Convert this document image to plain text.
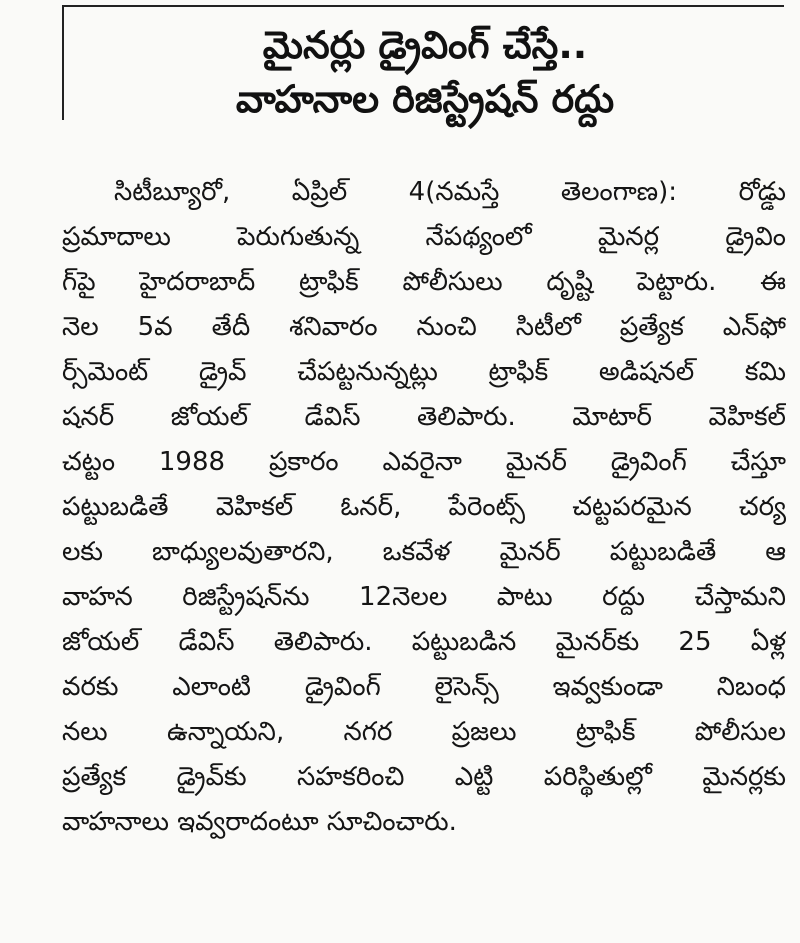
మైనర్లు డ్రైవింగ్ చేస్తే..
వాహనాల రిజిస్ట్రేషన్ రద్దు
సిటీబ్యూరో, ఏప్రిల్ 4(నమస్తే తెలంగాణ): రోడ్డు
ప్రమాదాలు పెరుగుతున్న నేపథ్యంలో మైనర్ల డ్రైవిం
గ్‌పై హైదరాబాద్ ట్రాఫిక్ పోలీసులు దృష్టి పెట్టారు. ఈ
నెల 5వ తేదీ శనివారం నుంచి సిటీలో ప్రత్యేక ఎన్‌ఫో
ర్స్‌మెంట్ డ్రైవ్ చేపట్టనున్నట్లు ట్రాఫిక్ అడిషనల్ కమి
షనర్ జోయల్ డేవిస్ తెలిపారు. మోటార్ వెహికల్
చట్టం 1988 ప్రకారం ఎవరైనా మైనర్ డ్రైవింగ్ చేస్తూ
పట్టుబడితే వెహికల్ ఓనర్, పేరెంట్స్ చట్టపరమైన చర్య
లకు బాధ్యులవుతారని, ఒకవేళ మైనర్ పట్టుబడితే ఆ
వాహన రిజిస్ట్రేషన్‌ను 12నెలల పాటు రద్దు చేస్తామని
జోయల్ డేవిస్ తెలిపారు. పట్టుబడిన మైనర్‌కు 25 ఏళ్ల
వరకు ఎలాంటి డ్రైవింగ్ లైసెన్స్ ఇవ్వకుండా నిబంధ
నలు ఉన్నాయని, నగర ప్రజలు ట్రాఫిక్ పోలీసుల
ప్రత్యేక డ్రైవ్‌కు సహకరించి ఎట్టి పరిస్థితుల్లో మైనర్లకు
వాహనాలు ఇవ్వరాదంటూ సూచించారు.
